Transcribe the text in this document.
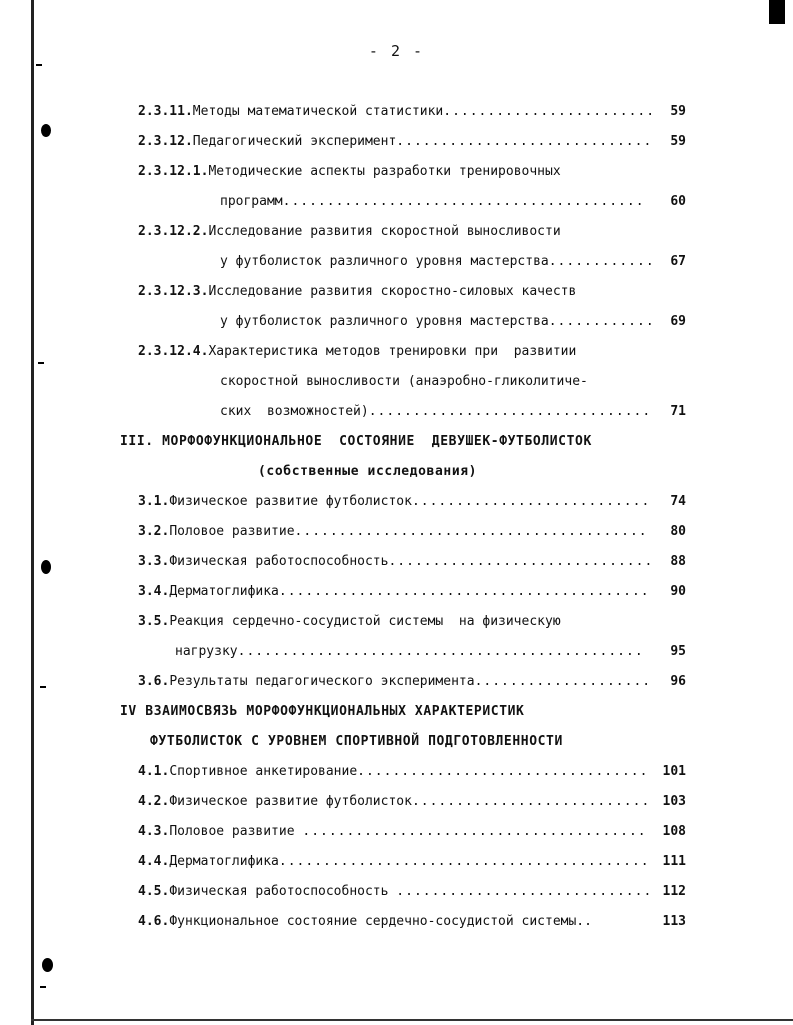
- 2 -
2.3.11.Методы математической статистики........................	59
2.3.12.Педагогический эксперимент.............................	59
2.3.12.1.Методические аспекты разработки тренировочных
программ.........................................	60
2.3.12.2.Исследование развития скоростной выносливости
у футболисток различного уровня мастерства............	67
2.3.12.3.Исследование развития скоростно-силовых качеств
у футболисток различного уровня мастерства............	69
2.3.12.4.Характеристика методов тренировки при  развитии
скоростной выносливости (анаэробно-гликолитиче-
ских  возможностей)................................	71
III. МОРФОФУНКЦИОНАЛЬНОЕ  СОСТОЯНИЕ  ДЕВУШЕК-ФУТБОЛИСТОК
(собственные исследования)
3.1.Физическое развитие футболисток...........................	74
3.2.Половое развитие........................................	80
3.3.Физическая работоспособность..............................	88
3.4.Дерматоглифика..........................................	90
3.5.Реакция сердечно-сосудистой системы  на физическую
нагрузку..............................................	95
3.6.Результаты педагогического эксперимента....................	96
IV ВЗАИМОСВЯЗЬ МОРФОФУНКЦИОНАЛЬНЫХ ХАРАКТЕРИСТИК
ФУТБОЛИСТОК С УРОВНЕМ СПОРТИВНОЙ ПОДГОТОВЛЕННОСТИ
4.1.Спортивное анкетирование.................................	101
4.2.Физическое развитие футболисток........................... 103
4.3.Половое развитие .......................................	108
4.4.Дерматоглифика.......................................... 111
4.5.Физическая работоспособность ............................. 112
4.6.Функциональное состояние сердечно-сосудистой системы..	113
